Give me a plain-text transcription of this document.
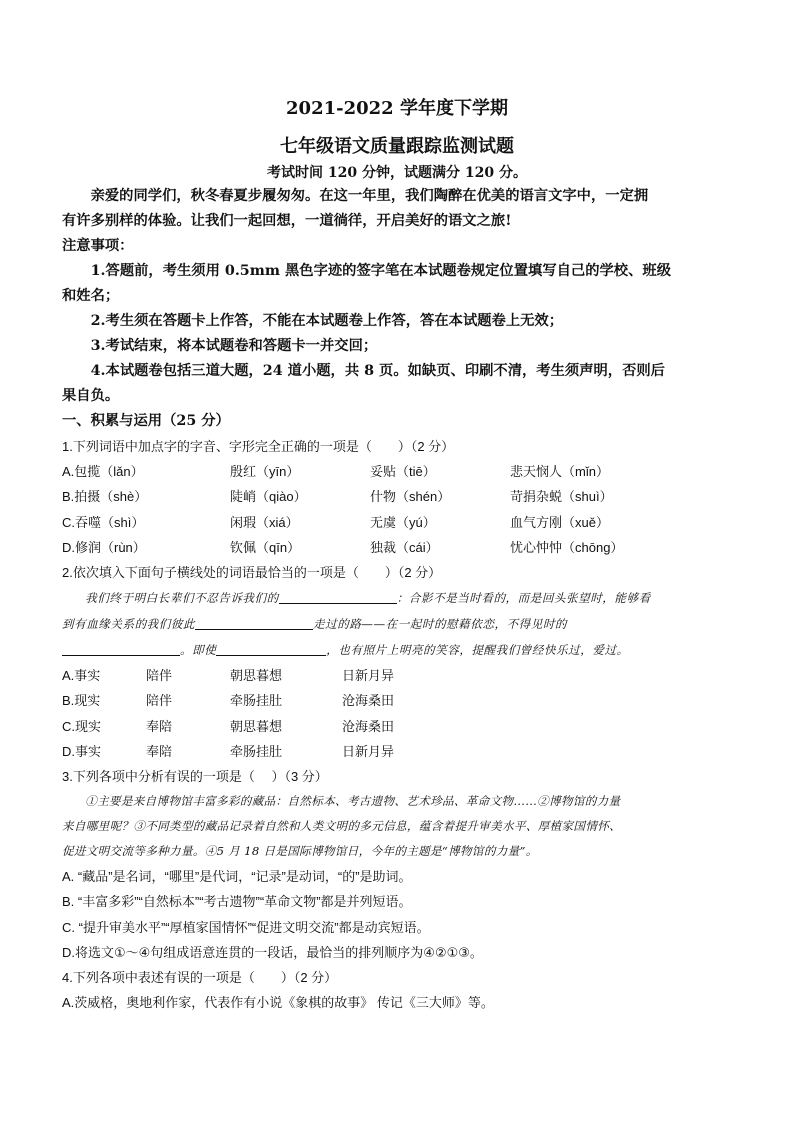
2021-2022 学年度下学期
七年级语文质量跟踪监测试题
考试时间 120 分钟，试题满分 120 分。
亲爱的同学们，秋冬春夏步履匆匆。在这一年里，我们陶醉在优美的语言文字中，一定拥
有许多别样的体验。让我们一起回想，一道徜徉，开启美好的语文之旅!
注意事项：
1.答题前，考生须用 0.5mm 黑色字迹的签字笔在本试题卷规定位置填写自己的学校、班级
和姓名；
2.考生须在答题卡上作答，不能在本试题卷上作答，答在本试题卷上无效；
3.考试结束，将本试题卷和答题卡一并交回；
4.本试题卷包括三道大题，24 道小题，共 8 页。如缺页、印刷不清，考生须声明，否则后
果自负。
一、积累与运用（25 分）
1.下列词语中加点字的字音、字形完全正确的一项是（　　）（2 分）
A.包揽（lǎn）	殷红（yīn）	妥贴（tiē）	悲天悯人（mǐn）
B.拍摄（shè）	陡峭（qiào）	什物（shén）	苛捐杂蜕（shuì）
C.吞噬（shì）	闲瑕（xiá）	无虞（yú）	血气方刚（xuě）
D.修润（rùn）	钦佩（qīn）	独裁（cái）	忧心忡忡（chōng）
2.依次填入下面句子横线处的词语最恰当的一项是（　　）（2 分）
我们终于明白长辈们不忍告诉我们的	：合影不是当时看的，而是回头张望时，能够看
到有血缘关系的我们彼此	走过的路——在一起时的慰藉依恋，不得见时的
。即使	，也有照片上明亮的笑容，提醒我们曾经快乐过，爱过。
A.事实	陪伴	朝思暮想	日新月异
B.现实	陪伴	牵肠挂肚	沧海桑田
C.现实	奉陪	朝思暮想	沧海桑田
D.事实	奉陪	牵肠挂肚	日新月异
3.下列各项中分析有误的一项是（　 ）（3 分）
①主要是来自博物馆丰富多彩的藏品：自然标本、考古遗物、艺术珍品、革命文物……②博物馆的力量
来自哪里呢？③不同类型的藏品记录着自然和人类文明的多元信息，蕴含着提升审美水平、厚植家国情怀、
促进文明交流等多种力量。④5 月 18 日是国际博物馆日，今年的主题是“博物馆的力量”。
A. “藏品”是名词，“哪里”是代词，“记录”是动词，“的”是助词。
B. “丰富多彩”“自然标本”“考古遗物”“革命文物”都是并列短语。
C. “提升审美水平”“厚植家国情怀”“促进文明交流”都是动宾短语。
D.将选文①～④句组成语意连贯的一段话，最恰当的排列顺序为④②①③。
4.下列各项中表述有误的一项是（　　）（2 分）
A.茨威格，奥地利作家，代表作有小说《象棋的故事》 传记《三大师》等。
